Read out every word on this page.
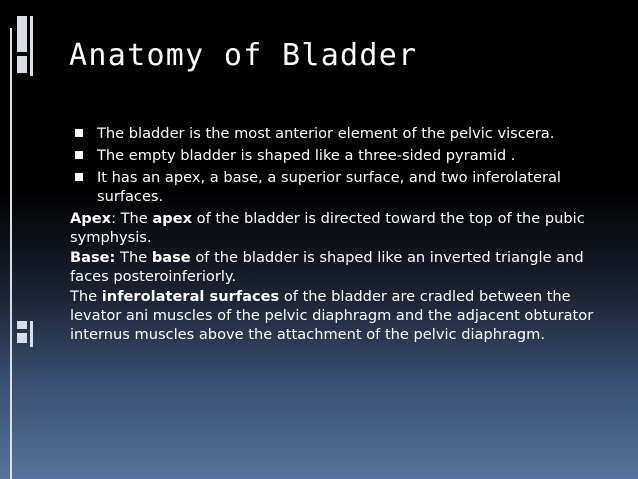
Anatomy of Bladder
The bladder is the most anterior element of the pelvic viscera.
The empty bladder is shaped like a three-sided pyramid .
It has an apex, a base, a superior surface, and two inferolateral surfaces.

Apex: The apex of the bladder is directed toward the top of the pubic symphysis.

Base: The base of the bladder is shaped like an inverted triangle and faces posteroinferiorly.

The inferolateral surfaces of the bladder are cradled between the levator ani muscles of the pelvic diaphragm and the adjacent obturator internus muscles above the attachment of the pelvic diaphragm.
